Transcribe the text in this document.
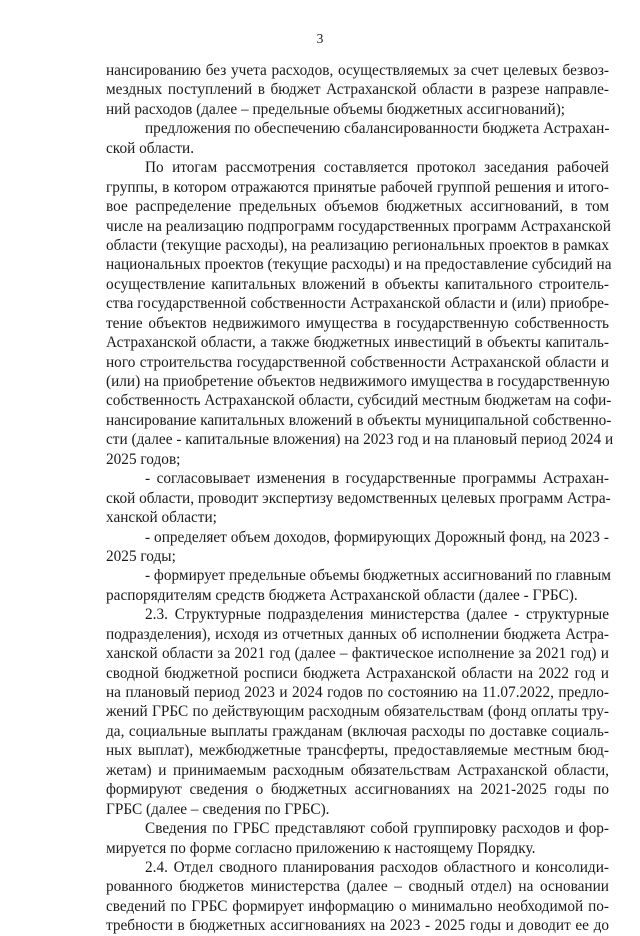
3
нансированию без учета расходов, осуществляемых за счет целевых безвоз-
мездных поступлений в бюджет Астраханской области в разрезе направле-
ний расходов (далее – предельные объемы бюджетных ассигнований);
предложения по обеспечению сбалансированности бюджета Астрахан-
ской области.
По итогам рассмотрения составляется протокол заседания рабочей
группы, в котором отражаются принятые рабочей группой решения и итого-
вое распределение предельных объемов бюджетных ассигнований, в том
числе на реализацию подпрограмм государственных программ Астраханской
области (текущие расходы), на реализацию региональных проектов в рамках
национальных проектов (текущие расходы) и на предоставление субсидий на
осуществление капитальных вложений в объекты капитального строитель-
ства государственной собственности Астраханской области и (или) приобре-
тение объектов недвижимого имущества в государственную собственность
Астраханской области, а также бюджетных инвестиций в объекты капиталь-
ного строительства государственной собственности Астраханской области и
(или) на приобретение объектов недвижимого имущества в государственную
собственность Астраханской области, субсидий местным бюджетам на софи-
нансирование капитальных вложений в объекты муниципальной собственно-
сти (далее - капитальные вложения) на 2023 год и на плановый период 2024 и
2025 годов;
- согласовывает изменения в государственные программы Астрахан-
ской области, проводит экспертизу ведомственных целевых программ Астра-
ханской области;
- определяет объем доходов, формирующих Дорожный фонд, на 2023 -
2025 годы;
- формирует предельные объемы бюджетных ассигнований по главным
распорядителям средств бюджета Астраханской области (далее - ГРБС).
2.3. Структурные подразделения министерства (далее - структурные
подразделения), исходя из отчетных данных об исполнении бюджета Астра-
ханской области за 2021 год (далее – фактическое исполнение за 2021 год) и
сводной бюджетной росписи бюджета Астраханской области на 2022 год и
на плановый период 2023 и 2024 годов по состоянию на 11.07.2022, предло-
жений ГРБС по действующим расходным обязательствам (фонд оплаты тру-
да, социальные выплаты гражданам (включая расходы по доставке социаль-
ных выплат), межбюджетные трансферты, предоставляемые местным бюд-
жетам) и принимаемым расходным обязательствам Астраханской области,
формируют сведения о бюджетных ассигнованиях на 2021-2025 годы по
ГРБС (далее – сведения по ГРБС).
Сведения по ГРБС представляют собой группировку расходов и фор-
мируется по форме согласно приложению к настоящему Порядку.
2.4. Отдел сводного планирования расходов областного и консолиди-
рованного бюджетов министерства (далее – сводный отдел) на основании
сведений по ГРБС формирует информацию о минимально необходимой по-
требности в бюджетных ассигнованиях на 2023 - 2025 годы и доводит ее до
